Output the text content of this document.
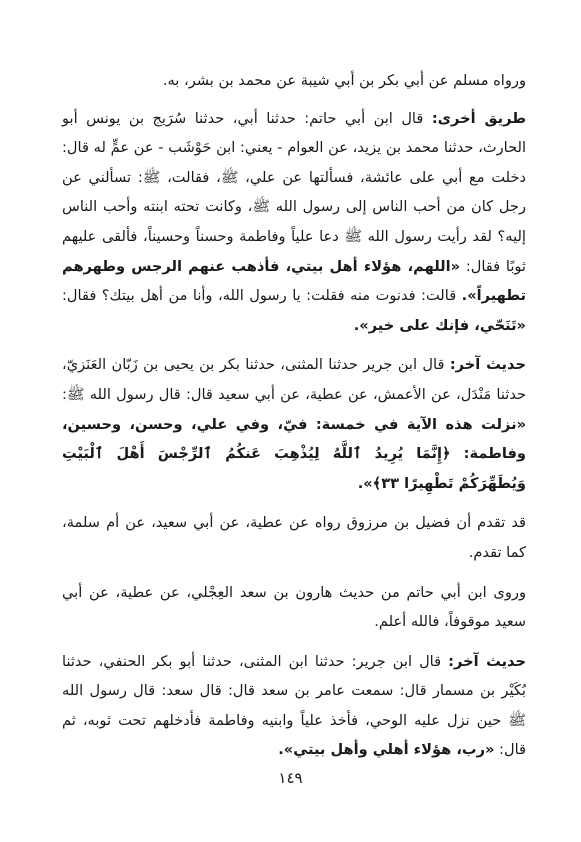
ورواه مسلم عن أبي بكر بن أبي شيبة عن محمد بن بشر، به.

طريق أخرى: قال ابن أبي حاتم: حدثنا أبي، حدثنا سُرَيج بن يونس أبو الحارث، حدثنا محمد بن يزيد، عن العوام - يعني: ابن حَوْشَب - عن عمٍّ له قال: دخلت مع أبي على عائشة، فسألتها عن علي، ﷺ، فقالت، ﷺ: تسألني عن رجل كان من أحب الناس إلى رسول الله ﷺ، وكانت تحته ابنته وأحب الناس إليه؟ لقد رأيت رسول الله ﷺ دعا علياً وفاطمة وحسناً وحسيناً، فألقى عليهم ثوبًا فقال: «اللهم، هؤلاء أهل بيتي، فأذهب عنهم الرجس وطهرهم تطهيراً». قالت: فدنوت منه فقلت: يا رسول الله، وأنا من أهل بيتك؟ فقال: «تَنَحّي، فإنك على خير».

حديث آخر: قال ابن جرير حدثنا المثنى، حدثنا بكر بن يحيى بن زَبّان العَنَزيّ، حدثنا مَنْدَل، عن الأعمش، عن عطية، عن أبي سعيد قال: قال رسول الله ﷺ: «نزلت هذه الآية في خمسة: فيّ، وفي علي، وحسن، وحسين، وفاطمة: ﴿إِنَّمَا يُرِيدُ ٱللَّهُ لِيُذْهِبَ عَنكُمُ ٱلرِّجْسَ أَهْلَ ٱلْبَيْتِ وَيُطَهِّرَكُمْ تَطْهِيرًا ٣٣﴾».

قد تقدم أن فضيل بن مرزوق رواه عن عطية، عن أبي سعيد، عن أم سلمة، كما تقدم.

وروى ابن أبي حاتم من حديث هارون بن سعد العِجْلي، عن عطية، عن أبي سعيد موقوفاً، فالله أعلم.

حديث آخر: قال ابن جرير: حدثنا ابن المثنى، حدثنا أبو بكر الحنفي، حدثنا بُكَيْر بن مسمار قال: سمعت عامر بن سعد قال: قال سعد: قال رسول الله ﷺ حين نزل عليه الوحي، فأخذ علياً وابنيه وفاطمة فأدخلهم تحت ثوبه، ثم قال: «رب، هؤلاء أهلي وأهل بيتي».

١٤٩
